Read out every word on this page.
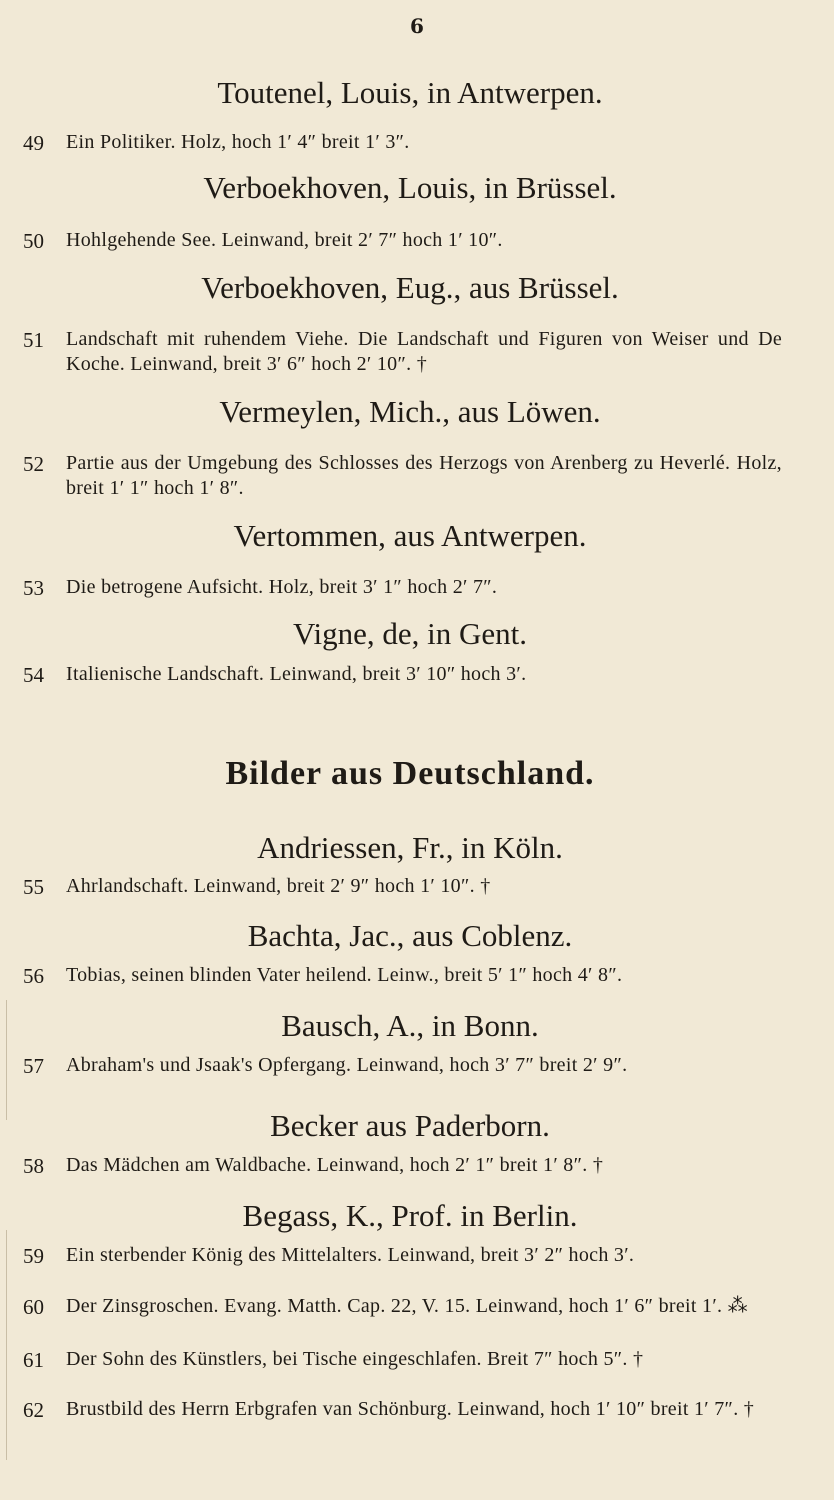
6
Toutenel, Louis, in Antwerpen.
49 Ein Politiker. Holz, hoch 1′ 4″ breit 1′ 3″.
Verboekhoven, Louis, in Brüssel.
50 Hohlgehende See. Leinwand, breit 2′ 7″ hoch 1′ 10″.
Verboekhoven, Eug., aus Brüssel.
51 Landschaft mit ruhendem Viehe. Die Landschaft und Figuren von Weiser und De Koche. Leinwand, breit 3′ 6″ hoch 2′ 10″. †
Vermeylen, Mich., aus Löwen.
52 Partie aus der Umgebung des Schlosses des Herzogs von Arenberg zu Heverlé. Holz, breit 1′ 1″ hoch 1′ 8″.
Vertommen, aus Antwerpen.
53 Die betrogene Aufsicht. Holz, breit 3′ 1″ hoch 2′ 7″.
Vigne, de, in Gent.
54 Italienische Landschaft. Leinwand, breit 3′ 10″ hoch 3′.
Bilder aus Deutschland.
Andriessen, Fr., in Köln.
55 Ahrlandschaft. Leinwand, breit 2′ 9″ hoch 1′ 10″. †
Bachta, Jac., aus Coblenz.
56 Tobias, seinen blinden Vater heilend. Leinw., breit 5′ 1″ hoch 4′ 8″.
Bausch, A., in Bonn.
57 Abraham's und Jsaak's Opfergang. Leinwand, hoch 3′ 7″ breit 2′ 9″.
Becker aus Paderborn.
58 Das Mädchen am Waldbache. Leinwand, hoch 2′ 1″ breit 1′ 8″. †
Begass, K., Prof. in Berlin.
59 Ein sterbender König des Mittelalters. Leinwand, breit 3′ 2″ hoch 3′.
60 Der Zinsgroschen. Evang. Matth. Cap. 22, V. 15. Leinwand, hoch 1′ 6″ breit 1′. ⁂
61 Der Sohn des Künstlers, bei Tische eingeschlafen. Breit 7″ hoch 5″. †
62 Brustbild des Herrn Erbgrafen van Schönburg. Leinwand, hoch 1′ 10″ breit 1′ 7″. †
